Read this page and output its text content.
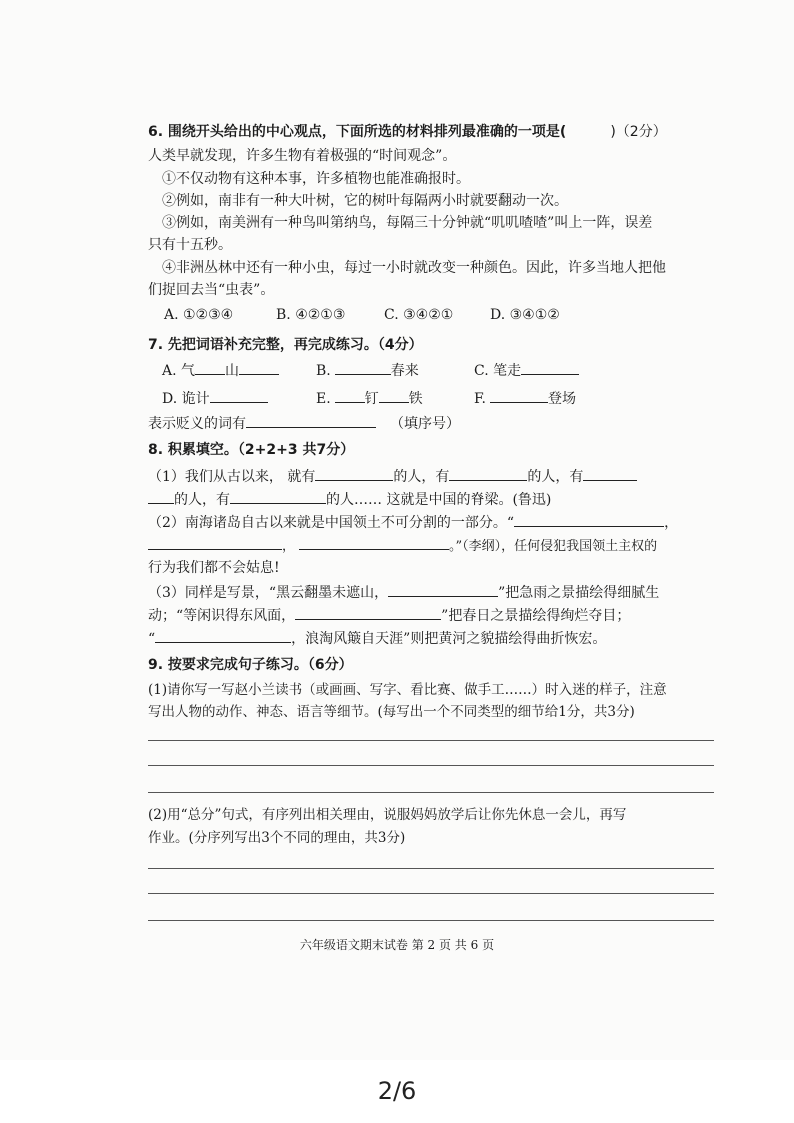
6. 围绕开头给出的中心观点，下面所选的材料排列最准确的一项是(	)（2分）
人类早就发现，许多生物有着极强的“时间观念”。
①不仅动物有这种本事，许多植物也能准确报时。
②例如，南非有一种大叶树，它的树叶每隔两小时就要翻动一次。
③例如，南美洲有一种鸟叫第纳鸟，每隔三十分钟就“叽叽喳喳”叫上一阵，误差
只有十五秒。
④非洲丛林中还有一种小虫，每过一小时就改变一种颜色。因此，许多当地人把他
们捉回去当“虫表”。
A. ①②③④	B. ④②①③	C. ③④②①	D. ③④①②
7. 先把词语补充完整，再完成练习。（4分）
A. 气 山	B.	春来	C. 笔走
D. 诡计	E. 钉 铁	F.	登场
表示贬义的词有	（填序号）
8. 积累填空。（2+2+3 共7分）
（1）我们从古以来， 就有	的人，有	的人，有
的人，有	的人…… 这就是中国的脊梁。(鲁迅)
（2）南海诸岛自古以来就是中国领土不可分割的一部分。“	，
，	。”（李纲），任何侵犯我国领土主权的
行为我们都不会姑息!
（3）同样是写景，“黑云翻墨未遮山，	”把急雨之景描绘得细腻生
动；“等闲识得东风面，	”把春日之景描绘得绚烂夺目；
“	，浪淘风簸自天涯”则把黄河之貌描绘得曲折恢宏。
9. 按要求完成句子练习。（6分）
(1)请你写一写赵小兰读书（或画画、写字、看比赛、做手工……）时入迷的样子，注意
写出人物的动作、神态、语言等细节。(每写出一个不同类型的细节给1分，共3分)
(2)用“总分”句式，有序列出相关理由，说服妈妈放学后让你先休息一会儿，再写
作业。(分序列写出3个不同的理由，共3分)
六年级语文期末试卷 第 2 页 共 6 页
2/6
